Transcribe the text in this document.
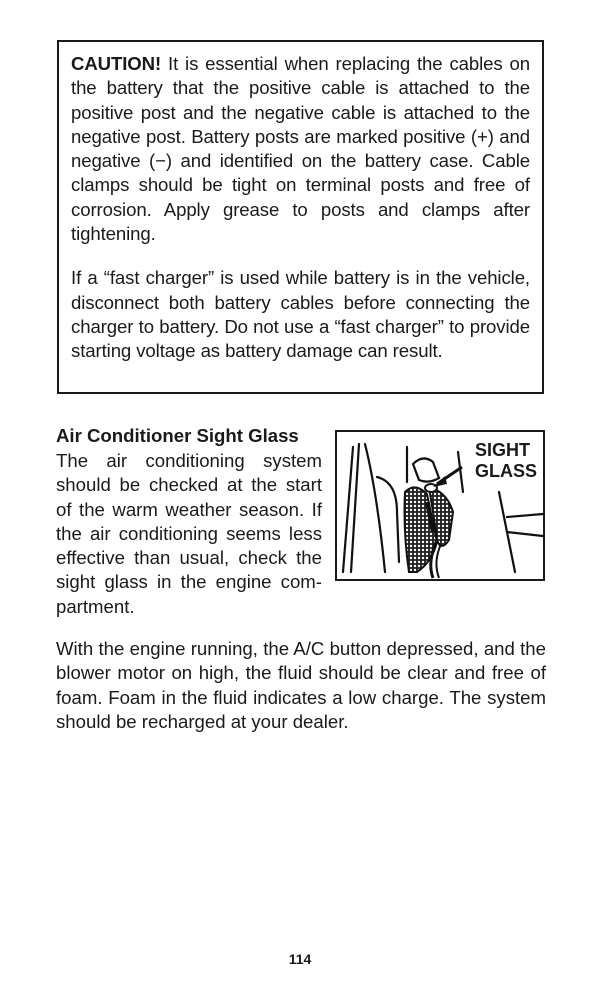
CAUTION! It is essential when replacing the cables on the battery that the positive cable is attached to the positive post and the negative cable is attached to the negative post. Battery posts are marked positive (+) and negative (−) and identified on the battery case. Cable clamps should be tight on terminal posts and free of corrosion. Apply grease to posts and clamps after tightening.

If a “fast charger” is used while battery is in the vehicle, disconnect both battery cables before connecting the charger to battery. Do not use a “fast charger” to provide starting voltage as battery damage can result.

Air Conditioner Sight Glass

The air conditioning system should be checked at the start of the warm weather season. If the air conditioning seems less effective than usual, check the sight glass in the engine compartment.

SIGHT
GLASS

With the engine running, the A/C button depressed, and the blower motor on high, the fluid should be clear and free of foam. Foam in the fluid indicates a low charge. The system should be recharged at your dealer.

114
